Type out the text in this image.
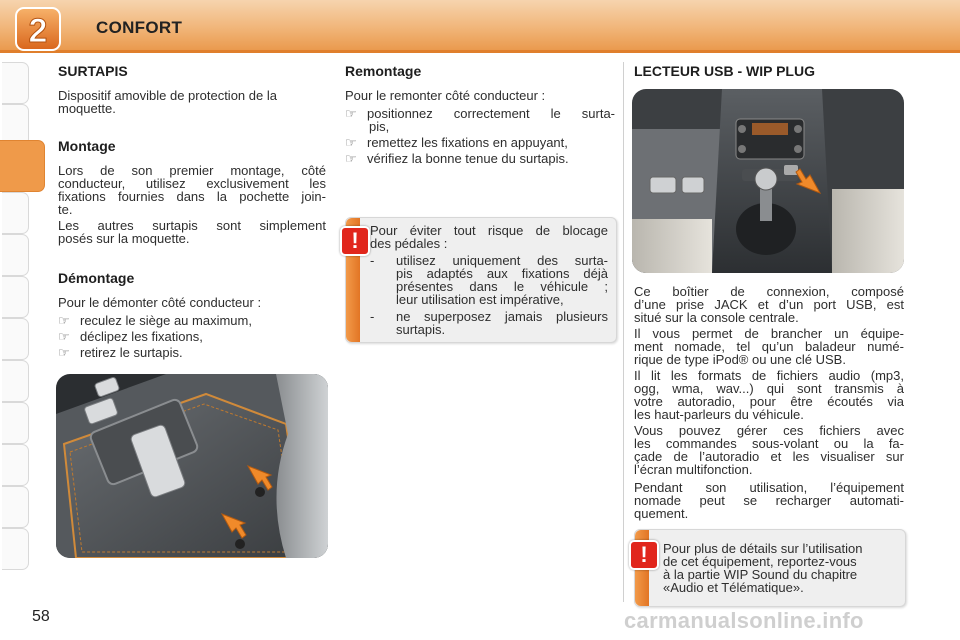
2	CONFORT
SURTAPIS

Dispositif amovible de protection de la

moquette.

Montage

Lors de son premier montage, côté

conducteur, utilisez exclusivement les

fixations fournies dans la pochette join-

te.

Les autres surtapis sont simplement

posés sur la moquette.

Démontage

Pour le démonter côté conducteur :

☞ reculez le siège au maximum,

☞ déclipez les fixations,

☞ retirez le surtapis.

Remontage

Pour le remonter côté conducteur :

☞ positionnez correctement le surta-

pis,

☞ remettez les fixations en appuyant,

☞ vérifiez la bonne tenue du surtapis.

! Pour éviter tout risque de blocage

des pédales :

- utilisez uniquement des surta-

pis adaptés aux fixations déjà

présentes dans le véhicule ;

leur utilisation est impérative,

- ne superposez jamais plusieurs

surtapis.

LECTEUR USB - WIP PLUG

Ce boîtier de connexion, composé

d’une prise JACK et d’un port USB, est

situé sur la console centrale.

Il vous permet de brancher un équipe-

ment nomade, tel qu’un baladeur numé-

rique de type iPod® ou une clé USB.

Il lit les formats de fichiers audio (mp3,

ogg, wma, wav...) qui sont transmis à

votre autoradio, pour être écoutés via

les haut-parleurs du véhicule.

Vous pouvez gérer ces fichiers avec

les commandes sous-volant ou la fa-

çade de l’autoradio et les visualiser sur

l’écran multifonction.

Pendant son utilisation, l’équipement

nomade peut se recharger automati-

quement.

!	Pour plus de détails sur l’utilisation

de cet équipement, reportez-vous

à la partie WIP Sound du chapitre

«Audio et Télématique».

58	carmanualsonline.info
